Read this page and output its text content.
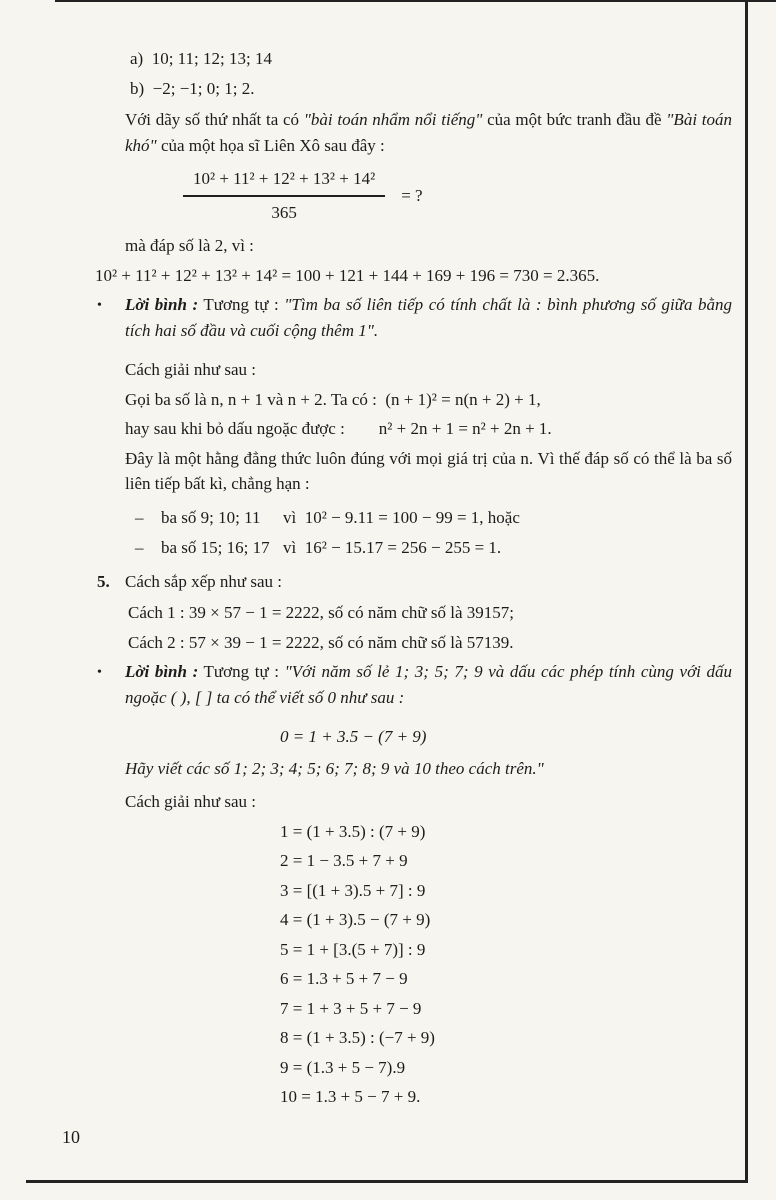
a)  10; 11; 12; 13; 14
b)  −2; −1; 0; 1; 2.

Với dãy số thứ nhất ta có "bài toán nhẩm nổi tiếng" của một bức tranh đầu đề "Bài toán khó" của một họa sĩ Liên Xô sau đây :

$\frac{\text{10² + 11² + 12² + 13² + 14²}}{365}$ = ?
mà đáp số là 2, vì :
10² + 11² + 12² + 13² + 14² = 100 + 121 + 144 + 169 + 196 = 730 = 2.365.
•	Lời bình : Tương tự : "Tìm ba số liên tiếp có tính chất là : bình phương số giữa bằng tích hai số đầu và cuối cộng thêm 1".

Cách giải như sau :
Gọi ba số là n, n + 1 và n + 2. Ta có :  (n + 1)² = n(n + 2) + 1,
hay sau khi bỏ dấu ngoặc được : n² + 2n + 1 = n² + 2n + 1.

Đây là một hằng đẳng thức luôn đúng với mọi giá trị của n. Vì thế đáp số có thể là ba số liên tiếp bất kì, chẳng hạn :

–	ba số 9; 10; 11	vì  10² − 9.11 = 100 − 99 = 1, hoặc
–	ba số 15; 16; 17 vì  16² − 15.17 = 256 − 255 = 1.
5. Cách sắp xếp như sau :
Cách 1 : 39 × 57 − 1 = 2222, số có năm chữ số là 39157;
Cách 2 : 57 × 39 − 1 = 2222, số có năm chữ số là 57139.
•	Lời bình : Tương tự : "Với năm số lẻ 1; 3; 5; 7; 9 và dấu các phép tính cùng với dấu ngoặc ( ), [ ] ta có thể viết số 0 như sau :

0 = 1 + 3.5 − (7 + 9)

Hãy viết các số 1; 2; 3; 4; 5; 6; 7; 8; 9 và 10 theo cách trên."

Cách giải như sau :
1 = (1 + 3.5) : (7 + 9)
2 = 1 − 3.5 + 7 + 9
3 = [(1 + 3).5 + 7] : 9
4 = (1 + 3).5 − (7 + 9)
5 = 1 + [3.(5 + 7)] : 9
6 = 1.3 + 5 + 7 − 9
7 = 1 + 3 + 5 + 7 − 9
8 = (1 + 3.5) : (−7 + 9)
9 = (1.3 + 5 − 7).9
10 = 1.3 + 5 − 7 + 9.
10
